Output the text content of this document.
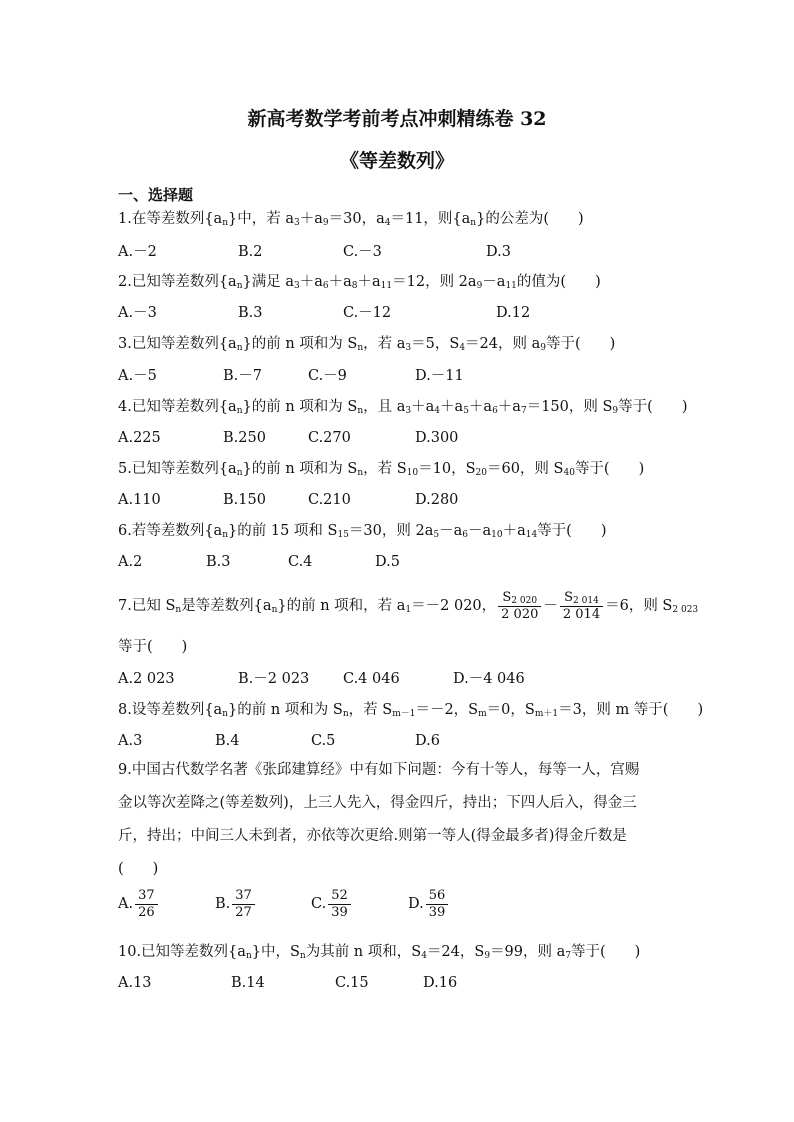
新高考数学考前考点冲刺精练卷 32
《等差数列》
一、选择题
1.在等差数列$\{a_n\}$中，若 $a_3+a_9=30$，$a_4=11$，则$\{a_n\}$的公差为(　　)
A.－2	B.2	C.－3	D.3
2.已知等差数列$\{a_n\}$满足 $a_3+a_6+a_8+a_{11}=12$，则 $2a_9-a_{11}$的值为(　　)
A.－3	B.3	C.－12	D.12
3.已知等差数列$\{a_n\}$的前 n 项和为 $S_n$，若 $a_3=5$，$S_4=24$，则 $a_9$等于(　　)
A.－5	B.－7	C.－9	D.－11
4.已知等差数列$\{a_n\}$的前 n 项和为 $S_n$，且 $a_3+a_4+a_5+a_6+a_7=150$，则 $S_9$等于(　　)
A.225	B.250	C.270	D.300
5.已知等差数列$\{a_n\}$的前 n 项和为 $S_n$，若 $S_{10}=10$，$S_{20}=60$，则 $S_{40}$等于(　　)
A.110	B.150	C.210	D.280
6.若等差数列$\{a_n\}$的前 15 项和 $S_{15}=30$，则 $2a_5-a_6-a_{10}+a_{14}$等于(　　)
A.2	B.3	C.4	D.5
7.已知 $S_n$是等差数列$\{a_n\}$的前 n 项和，若 $a_1=-2$ 020， $\frac{S_{2 020}}{2 020} - \frac{S_{2 014}}{2 014} =6$，则 $S_{2 023}$
等于(　　)
A.2 023	B.－2 023 C.4 046	D.－4 046
8.设等差数列$\{a_n\}$的前 n 项和为 $S_n$，若 $S_{m-1}=-2$，$S_m=0$，$S_{m+1}=3$，则 m 等于(　　)
A.3	B.4	C.5	D.6
9.中国古代数学名著《张邱建算经》中有如下问题：今有十等人，每等一人，宫赐
金以等次差降之(等差数列)，上三人先入，得金四斤，持出；下四人后入，得金三
斤，持出；中间三人未到者，亦依等次更给.则第一等人(得金最多者)得金斤数是
(　　)
A. $\frac{37}{26}$	B. $\frac{37}{27}$	C. $\frac{52}{39}$	D. $\frac{56}{39}$
10.已知等差数列$\{a_n\}$中，$S_n$为其前 n 项和，$S_4=24$，$S_9=99$，则 $a_7$等于(　　)
A.13	B.14	C.15	D.16
